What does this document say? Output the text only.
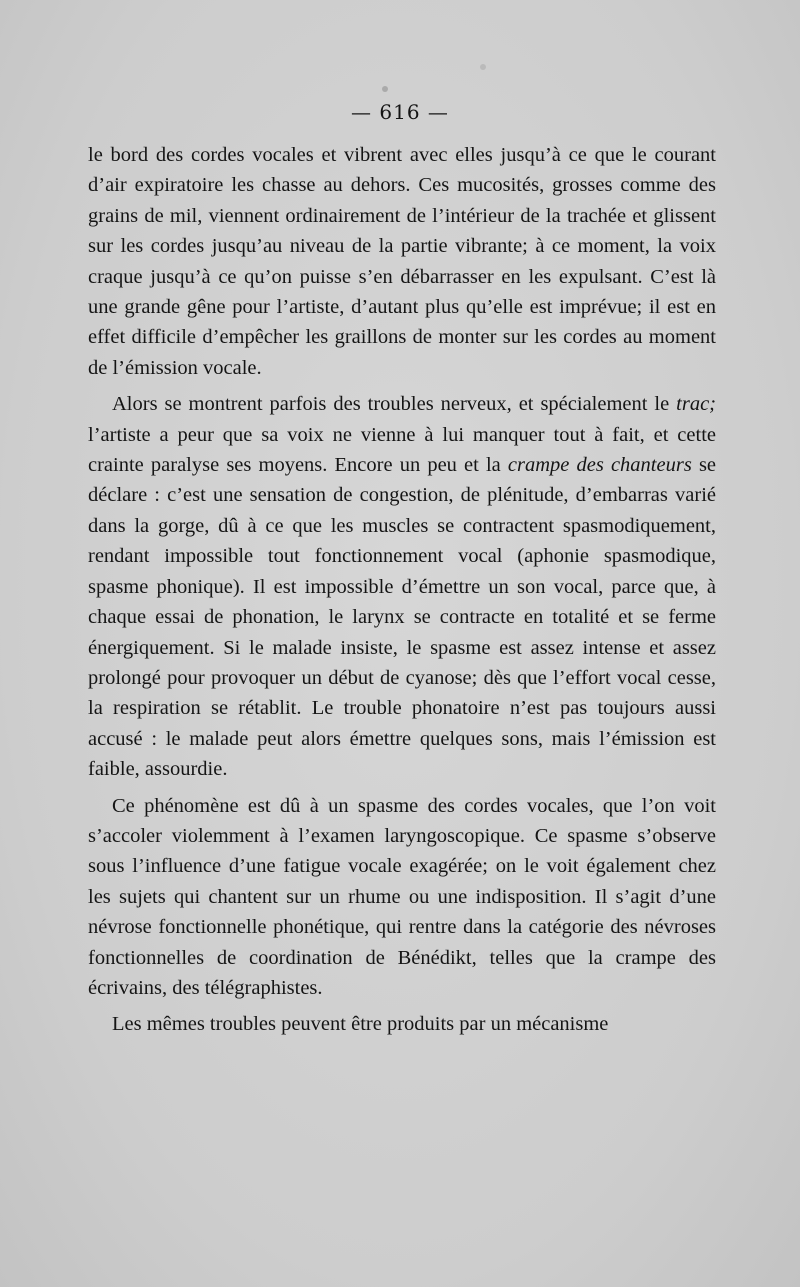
— 616 —

le bord des cordes vocales et vibrent avec elles jusqu’à ce que le courant d’air expiratoire les chasse au dehors. Ces mucosités, grosses comme des grains de mil, viennent ordinairement de l’intérieur de la trachée et glissent sur les cordes jusqu’au niveau de la partie vibrante; à ce moment, la voix craque jusqu’à ce qu’on puisse s’en débarrasser en les expulsant. C’est là une grande gêne pour l’artiste, d’autant plus qu’elle est imprévue; il est en effet difficile d’empêcher les graillons de monter sur les cordes au moment de l’émission vocale.

Alors se montrent parfois des troubles nerveux, et spécialement le trac; l’artiste a peur que sa voix ne vienne à lui manquer tout à fait, et cette crainte paralyse ses moyens. Encore un peu et la crampe des chanteurs se déclare : c’est une sensation de congestion, de plénitude, d’embarras varié dans la gorge, dû à ce que les muscles se contractent spasmodiquement, rendant impossible tout fonctionnement vocal (aphonie spasmodique, spasme phonique). Il est impossible d’émettre un son vocal, parce que, à chaque essai de phonation, le larynx se contracte en totalité et se ferme énergiquement. Si le malade insiste, le spasme est assez intense et assez prolongé pour provoquer un début de cyanose; dès que l’effort vocal cesse, la respiration se rétablit. Le trouble phonatoire n’est pas toujours aussi accusé : le malade peut alors émettre quelques sons, mais l’émission est faible, assourdie.

Ce phénomène est dû à un spasme des cordes vocales, que l’on voit s’accoler violemment à l’examen laryngoscopique. Ce spasme s’observe sous l’influence d’une fatigue vocale exagérée; on le voit également chez les sujets qui chantent sur un rhume ou une indisposition. Il s’agit d’une névrose fonctionnelle phonétique, qui rentre dans la catégorie des névroses fonctionnelles de coordination de Bénédikt, telles que la crampe des écrivains, des télégraphistes.

Les mêmes troubles peuvent être produits par un mécanisme
